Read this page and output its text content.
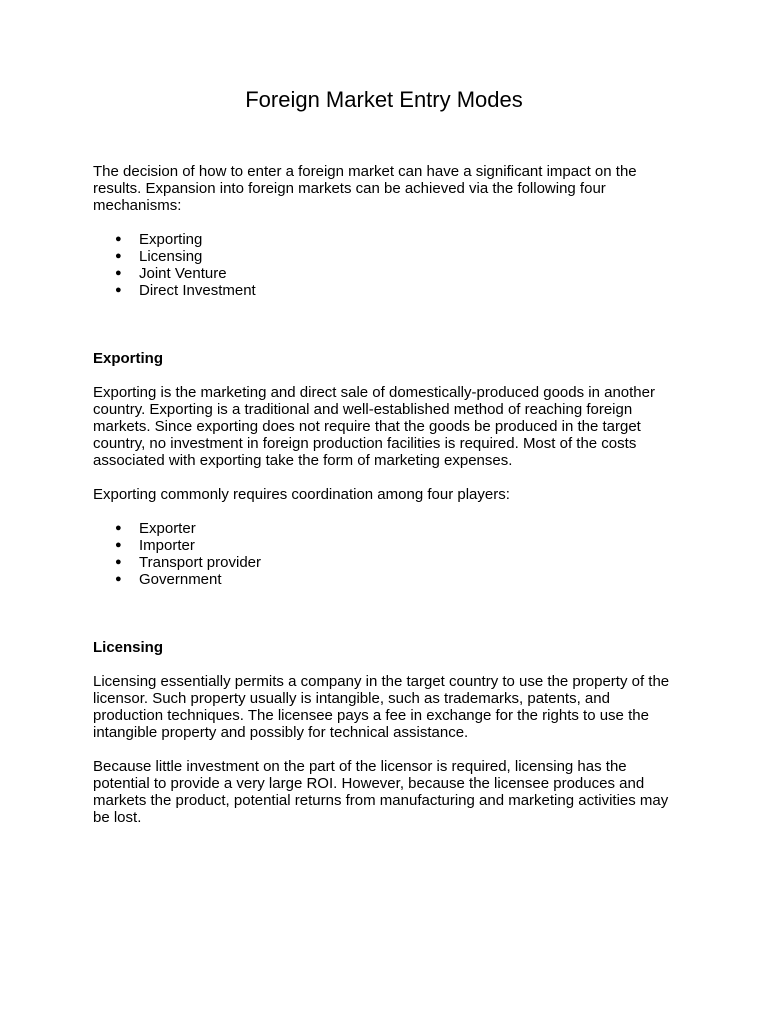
Foreign Market Entry Modes

The decision of how to enter a foreign market can have a significant impact on the results. Expansion into foreign markets can be achieved via the following four mechanisms:

● Exporting
● Licensing
● Joint Venture
● Direct Investment
Exporting

Exporting is the marketing and direct sale of domestically-produced goods in another country. Exporting is a traditional and well-established method of reaching foreign markets. Since exporting does not require that the goods be produced in the target country, no investment in foreign production facilities is required. Most of the costs associated with exporting take the form of marketing expenses.

Exporting commonly requires coordination among four players:

● Exporter
● Importer
● Transport provider
● Government
Licensing

Licensing essentially permits a company in the target country to use the property of the licensor. Such property usually is intangible, such as trademarks, patents, and production techniques. The licensee pays a fee in exchange for the rights to use the intangible property and possibly for technical assistance.

Because little investment on the part of the licensor is required, licensing has the potential to provide a very large ROI. However, because the licensee produces and markets the product, potential returns from manufacturing and marketing activities may be lost.
